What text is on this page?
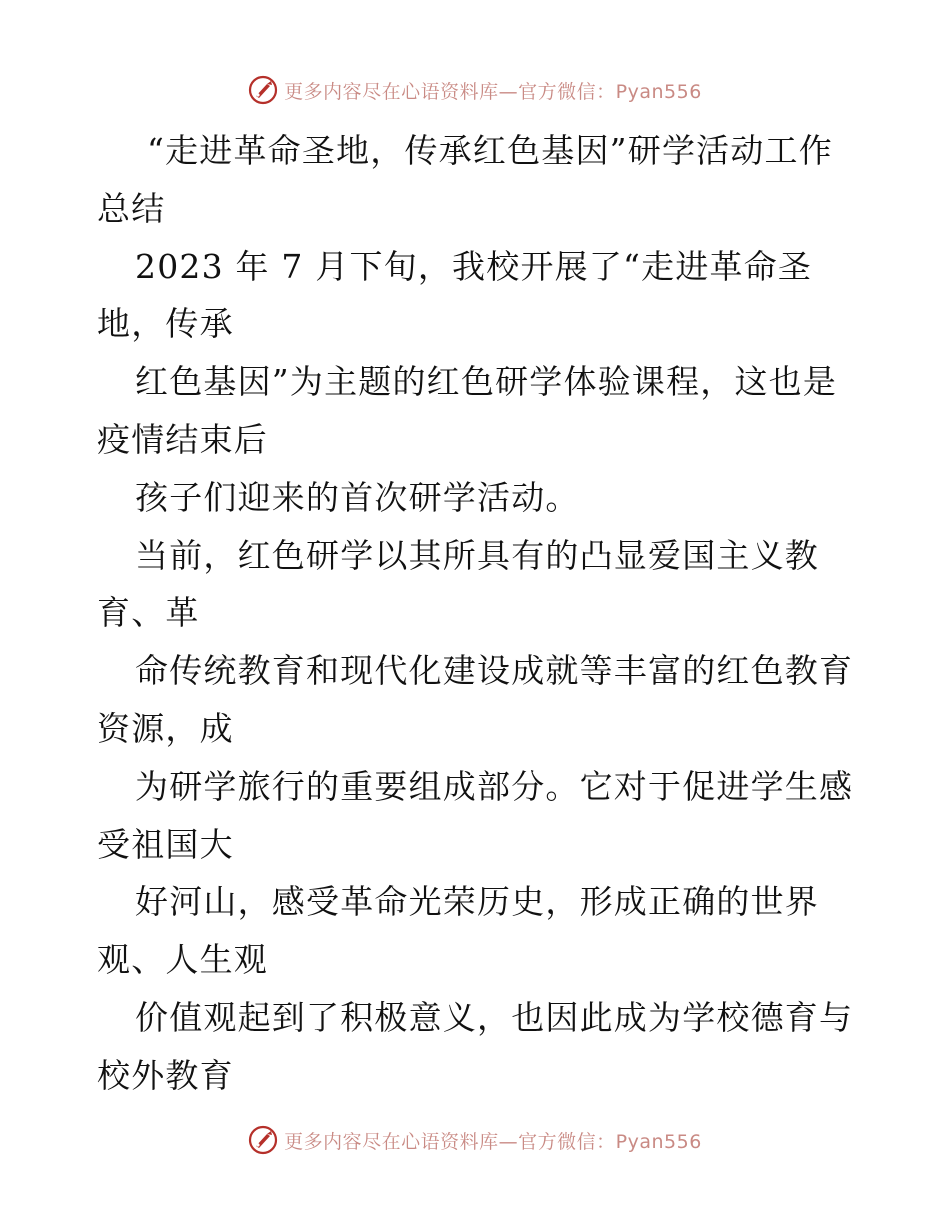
更多内容尽在心语资料库—官方微信：Pyan556
“走进革命圣地，传承红色基因”研学活动工作
总结
2023 年 7 月下旬，我校开展了“走进革命圣
地，传承
红色基因”为主题的红色研学体验课程，这也是
疫情结束后
孩子们迎来的首次研学活动。
当前，红色研学以其所具有的凸显爱国主义教
育、革
命传统教育和现代化建设成就等丰富的红色教育
资源，成
为研学旅行的重要组成部分。它对于促进学生感
受祖国大
好河山，感受革命光荣历史，形成正确的世界
观、人生观
价值观起到了积极意义，也因此成为学校德育与
校外教育
更多内容尽在心语资料库—官方微信：Pyan556
